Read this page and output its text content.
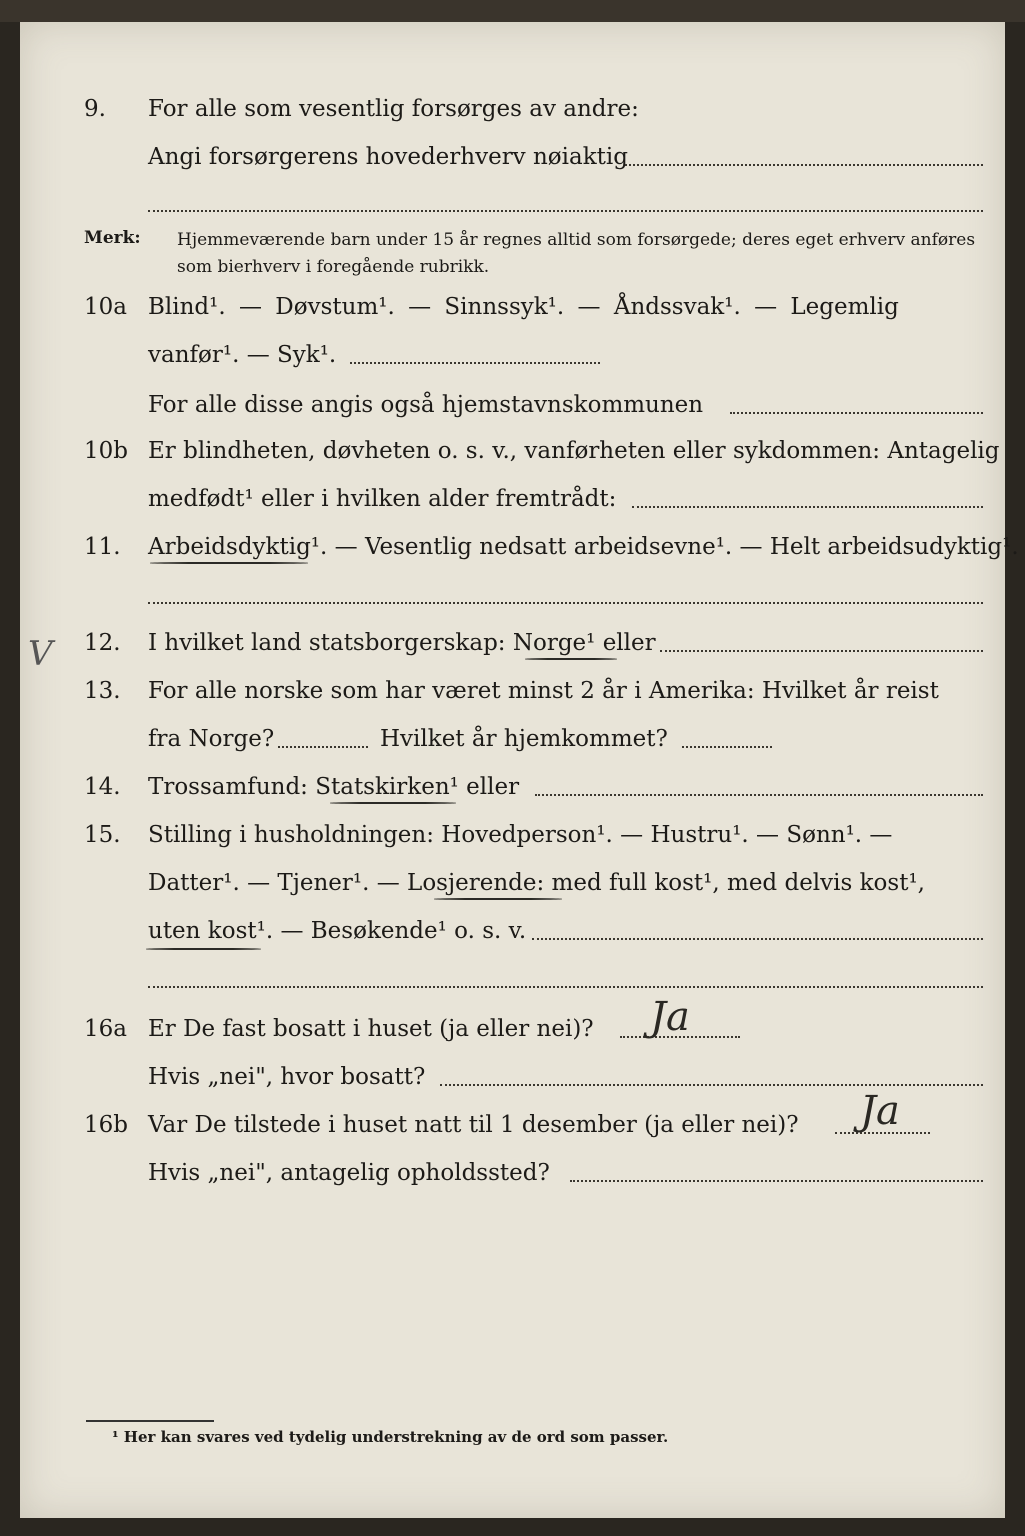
9. For alle som vesentlig forsørges av andre:
Angi forsørgerens hovederhverv nøiaktig
Merk: Hjemmeværende barn under 15 år regnes alltid som forsørgede; deres eget erhverv anføres som bierhverv i foregående rubrikk.
10a Blind¹. — Døvstum¹. — Sinnssyk¹. — Åndssvak¹. — Legemlig
vanfør¹. — Syk¹.
For alle disse angis også hjemstavnskommunen
10b Er blindheten, døvheten o. s. v., vanførheten eller sykdommen: Antagelig
medfødt¹ eller i hvilken alder fremtrådt:
11. Arbeidsdyktig¹. — Vesentlig nedsatt arbeidsevne¹. — Helt arbeidsudyktig¹.
V 12. I hvilket land statsborgerskap: Norge¹ eller
13. For alle norske som har været minst 2 år i Amerika: Hvilket år reist
fra Norge?	Hvilket år hjemkommet?
14. Trossamfund: Statskirken¹ eller
15. Stilling i husholdningen: Hovedperson¹. — Hustru¹. — Sønn¹. —
Datter¹. — Tjener¹. — Losjerende: med full kost¹, med delvis kost¹,
uten kost¹. — Besøkende¹ o. s. v.
16a Er De fast bosatt i huset (ja eller nei)? Ja
Hvis „nei", hvor bosatt?
16b Var De tilstede i huset natt til 1 desember (ja eller nei)? Ja
Hvis „nei", antagelig opholdssted?
¹ Her kan svares ved tydelig understrekning av de ord som passer.
